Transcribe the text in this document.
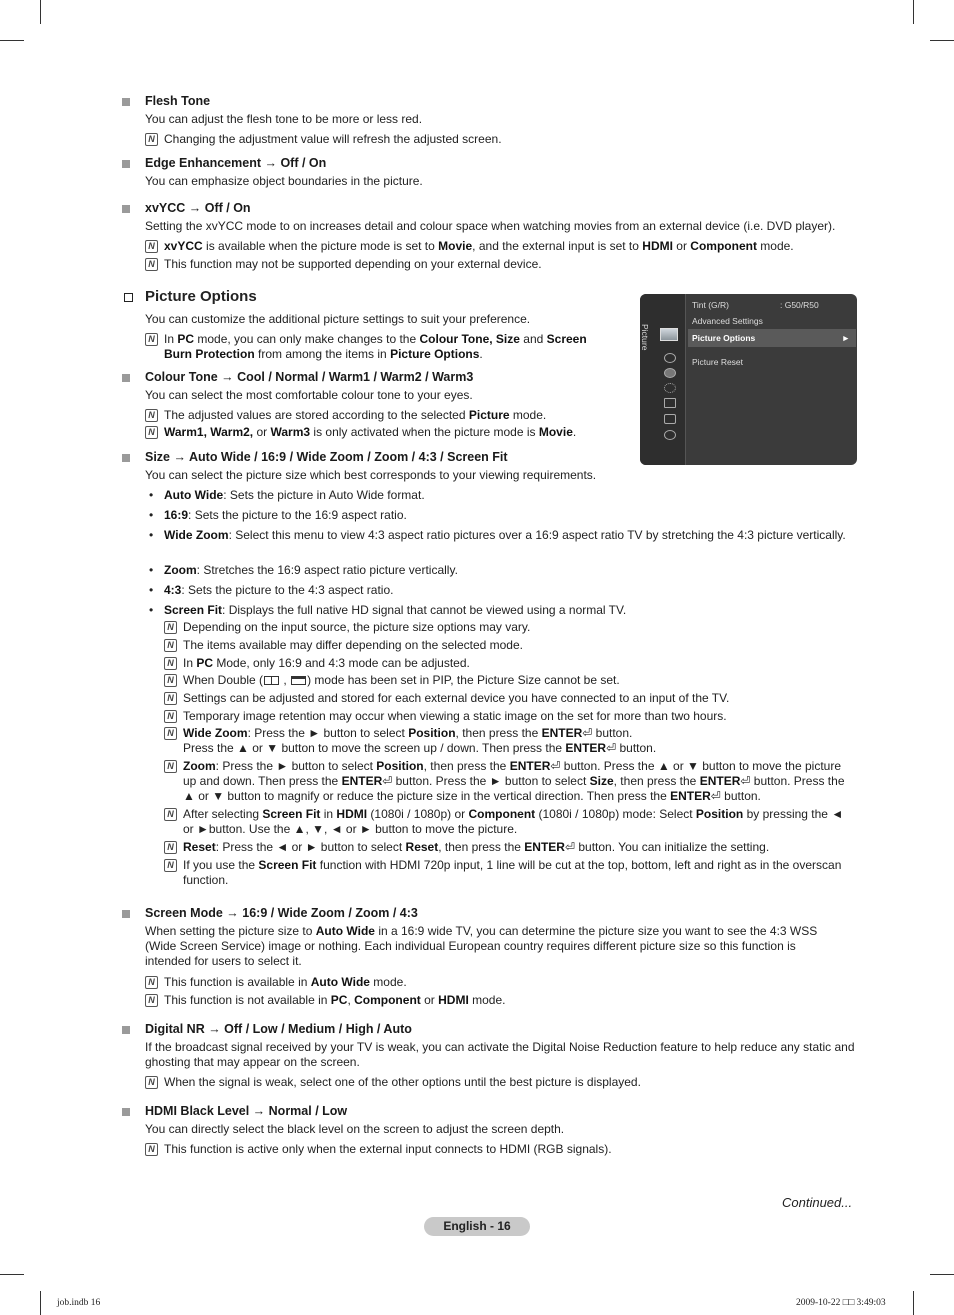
Flesh Tone
You can adjust the flesh tone to be more or less red.
N Changing the adjustment value will refresh the adjusted screen.
Edge Enhancement → Off / On
You can emphasize object boundaries in the picture.
xvYCC → Off / On
Setting the xvYCC mode to on increases detail and colour space when watching movies from an external device (i.e. DVD player).
N xvYCC is available when the picture mode is set to Movie, and the external input is set to HDMI or Component mode.
N This function may not be supported depending on your external device.
Picture Options
You can customize the additional picture settings to suit your preference.
N In PC mode, you can only make changes to the Colour Tone, Size and Screen Burn Protection from among the items in Picture Options.
Colour Tone → Cool / Normal / Warm1 / Warm2 / Warm3
You can select the most comfortable colour tone to your eyes.
N The adjusted values are stored according to the selected Picture mode.
N Warm1, Warm2, or Warm3 is only activated when the picture mode is Movie.
Size → Auto Wide / 16:9 / Wide Zoom / Zoom / 4:3 / Screen Fit
You can select the picture size which best corresponds to your viewing requirements.
• Auto Wide: Sets the picture in Auto Wide format.
• 16:9: Sets the picture to the 16:9 aspect ratio.
• Wide Zoom: Select this menu to view 4:3 aspect ratio pictures over a 16:9 aspect ratio TV by stretching the 4:3 picture vertically.
• Zoom: Stretches the 16:9 aspect ratio picture vertically.
• 4:3: Sets the picture to the 4:3 aspect ratio.
• Screen Fit: Displays the full native HD signal that cannot be viewed using a normal TV.
N Depending on the input source, the picture size options may vary.
N The items available may differ depending on the selected mode.
N In PC Mode, only 16:9 and 4:3 mode can be adjusted.
N When Double ( , ) mode has been set in PIP, the Picture Size cannot be set.
N Settings can be adjusted and stored for each external device you have connected to an input of the TV.
N Temporary image retention may occur when viewing a static image on the set for more than two hours.
N Wide Zoom: Press the ► button to select Position, then press the ENTER⏎ button.
Press the ▲ or ▼ button to move the screen up / down. Then press the ENTER⏎ button.
N Zoom: Press the ► button to select Position, then press the ENTER⏎ button. Press the ▲ or ▼ button to move the picture up and down. Then press the ENTER⏎ button. Press the ► button to select Size, then press the ENTER⏎ button. Press the ▲ or ▼ button to magnify or reduce the picture size in the vertical direction. Then press the ENTER⏎ button.
N After selecting Screen Fit in HDMI (1080i / 1080p) or Component (1080i / 1080p) mode: Select Position by pressing the ◄ or ►button. Use the ▲, ▼, ◄ or ► button to move the picture.
N Reset: Press the ◄ or ► button to select Reset, then press the ENTER⏎ button. You can initialize the setting.
N If you use the Screen Fit function with HDMI 720p input, 1 line will be cut at the top, bottom, left and right as in the overscan function.
Screen Mode → 16:9 / Wide Zoom / Zoom / 4:3
When setting the picture size to Auto Wide in a 16:9 wide TV, you can determine the picture size you want to see the 4:3 WSS (Wide Screen Service) image or nothing. Each individual European country requires different picture size so this function is intended for users to select it.
N This function is available in Auto Wide mode.
N This function is not available in PC, Component or HDMI mode.
Digital NR → Off / Low / Medium / High / Auto
If the broadcast signal received by your TV is weak, you can activate the Digital Noise Reduction feature to help reduce any static and ghosting that may appear on the screen.
N When the signal is weak, select one of the other options until the best picture is displayed.
HDMI Black Level → Normal / Low
You can directly select the black level on the screen to adjust the screen depth.
N This function is active only when the external input connects to HDMI (RGB signals).
Picture
Tint (G/R)	: G50/R50
Advanced Settings
Picture Options	►
Picture Reset
Continued...
English - 16
job.indb 16	2009-10-22 □□ 3:49:03
